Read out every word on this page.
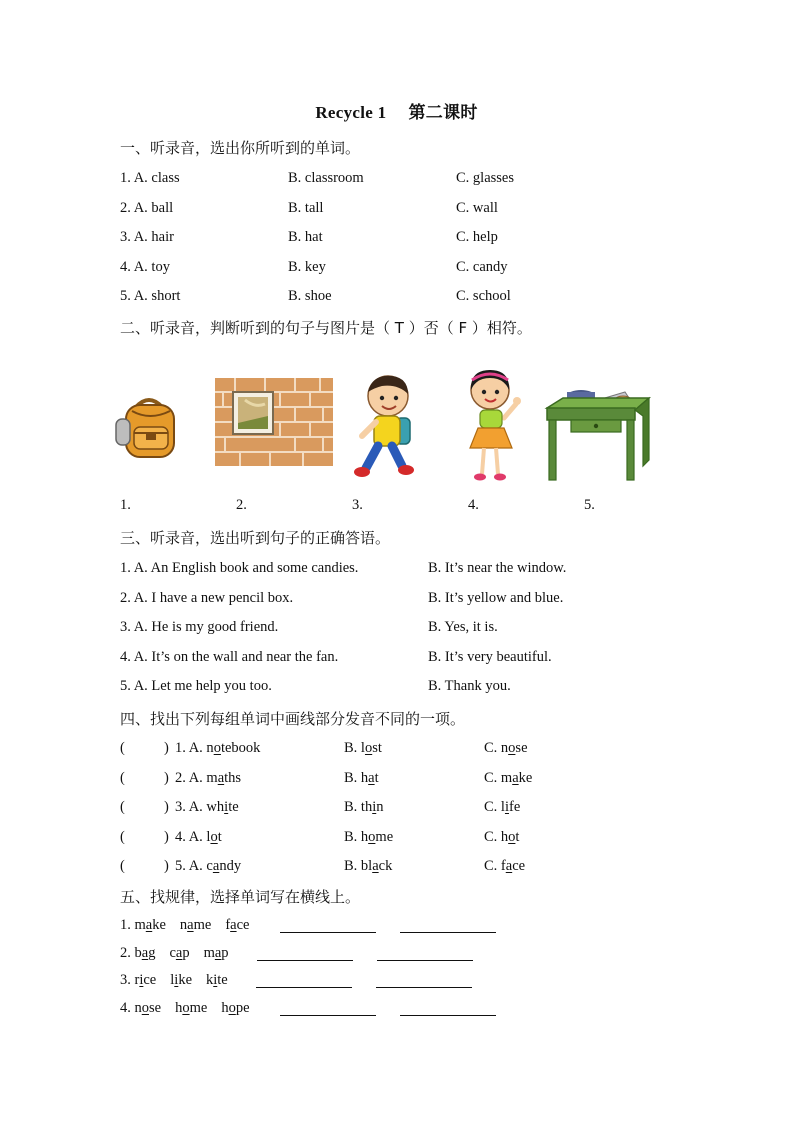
Recycle 1 第二课时
一、听录音，选出你所听到的单词。
1. A. class	B. classroom	C. glasses
2. A. ball	B. tall	C. wall
3. A. hair	B. hat	C. help
4. A. toy	B. key	C. candy
5. A. short	B. shoe	C. school
二、听录音，判断听到的句子与图片是（ T ）否（ F ）相符。
1.	2.	3.	4.	5.
三、听录音，选出听到句子的正确答语。
1. A. An English book and some candies.	B. It’s near the window.
2. A. I have a new pencil box.	B. It’s yellow and blue.
3. A. He is my good friend.	B. Yes, it is.
4. A. It’s on the wall and near the fan.	B. It’s very beautiful.
5. A. Let me help you too.	B. Thank you.
四、找出下列每组单词中画线部分发音不同的一项。
(	) 1. A. notebook	B. lost	C. nose
(	) 2. A. maths	B. hat	C. make
(	) 3. A. white	B. thin	C. life
(	) 4. A. lot	B. home	C. hot
(	) 5. A. candy	B. black	C. face
五、找规律，选择单词写在横线上。
1. make name face
2. bag cap map
3. rice like kite
4. nose home hope
